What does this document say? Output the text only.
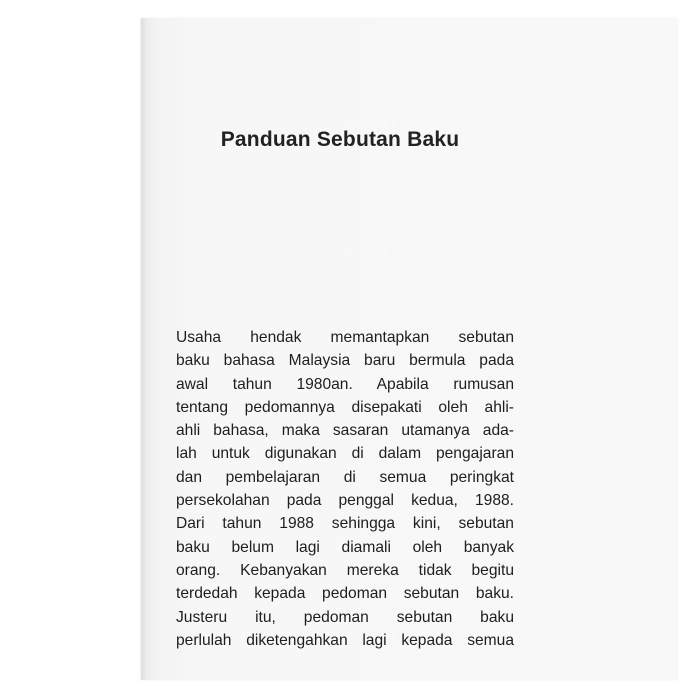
Panduan Sebutan Baku
Usaha hendak memantapkan sebutan
baku bahasa Malaysia baru bermula pada
awal tahun 1980an. Apabila rumusan
tentang pedomannya disepakati oleh ahli-
ahli bahasa, maka sasaran utamanya ada-
lah untuk digunakan di dalam pengajaran
dan pembelajaran di semua peringkat
persekolahan pada penggal kedua, 1988.
Dari tahun 1988 sehingga kini, sebutan
baku belum lagi diamali oleh banyak
orang. Kebanyakan mereka tidak begitu
terdedah kepada pedoman sebutan baku.
Justeru itu, pedoman sebutan baku
perlulah diketengahkan lagi kepada semua
